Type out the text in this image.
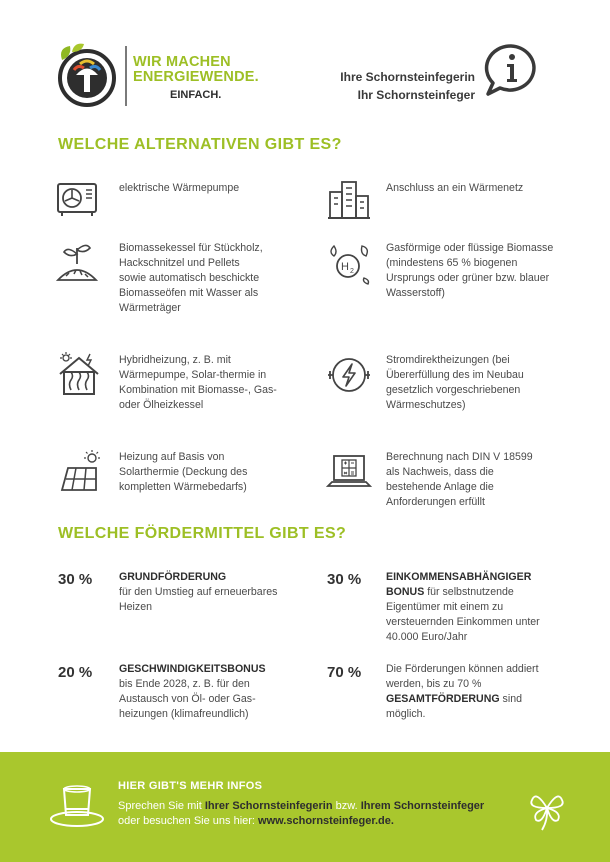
WIR MACHEN
ENERGIEWENDE.
EINFACH.
Ihre Schornsteinfegerin
Ihr Schornsteinfeger
WELCHE ALTERNATIVEN GIBT ES?
elektrische Wärmepumpe	Anschluss an ein Wärmenetz
Biomassekessel für Stückholz, Hackschnitzel und Pellets sowie automatisch beschickte Biomasseöfen mit Wasser als Wärmeträger
H 2
Gasförmige oder flüssige Biomasse (mindestens 65 % biogenen Ursprungs oder grüner bzw. blauer Wasserstoff)
Hybridheizung, z. B. mit Wärmepumpe, Solar-thermie in Kombination mit Biomasse-, Gas- oder Ölheizkessel
Stromdirektheizungen (bei Übererfüllung des im Neubau gesetzlich vorgeschriebenen Wärmeschutzes)
Heizung auf Basis von Solarthermie (Deckung des kompletten Wärmebedarfs)
Berechnung nach DIN V 18599 als Nachweis, dass die bestehende Anlage die Anforderungen erfüllt
WELCHE FÖRDERMITTEL GIBT ES?
30 %	GRUNDFÖRDERUNG
für den Umstieg auf erneuerbares Heizen
30 % EINKOMMENSABHÄNGIGER
BONUS für selbstnutzende Eigentümer mit einem zu versteuernden Einkommen unter 40.000 Euro/Jahr
20 %	GESCHWINDIGKEITSBONUS
bis Ende 2028, z. B. für den Austausch von Öl- oder Gas-heizungen (klimafreundlich)
70 % Die Förderungen können addiert werden, bis zu 70 % GESAMTFÖRDERUNG sind möglich.
HIER GIBT'S MEHR INFOS
Sprechen Sie mit Ihrer Schornsteinfegerin bzw. Ihrem Schornsteinfeger
oder besuchen Sie uns hier: www.schornsteinfeger.de.
